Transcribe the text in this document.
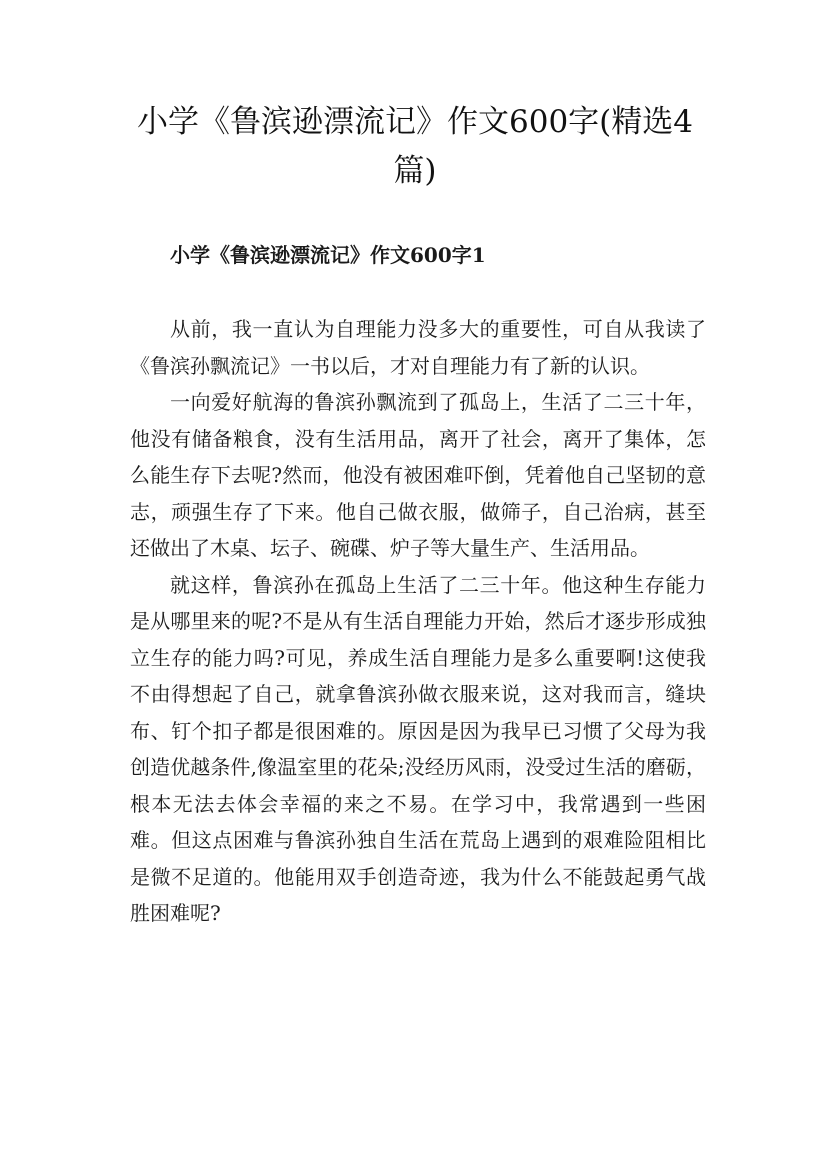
小学《鲁滨逊漂流记》作文600字(精选4篇)
小学《鲁滨逊漂流记》作文600字1

从前，我一直认为自理能力没多大的重要性，可自从我读了《鲁滨孙飘流记》一书以后，才对自理能力有了新的认识。

一向爱好航海的鲁滨孙飘流到了孤岛上，生活了二三十年，他没有储备粮食，没有生活用品，离开了社会，离开了集体，怎么能生存下去呢?然而，他没有被困难吓倒，凭着他自己坚韧的意志，顽强生存了下来。他自己做衣服，做筛子，自己治病，甚至还做出了木桌、坛子、碗碟、炉子等大量生产、生活用品。

就这样，鲁滨孙在孤岛上生活了二三十年。他这种生存能力是从哪里来的呢?不是从有生活自理能力开始，然后才逐步形成独立生存的能力吗?可见，养成生活自理能力是多么重要啊!这使我不由得想起了自己，就拿鲁滨孙做衣服来说，这对我而言，缝块布、钉个扣子都是很困难的。原因是因为我早已习惯了父母为我创造优越条件,像温室里的花朵;没经历风雨，没受过生活的磨砺，根本无法去体会幸福的来之不易。在学习中，我常遇到一些困难。但这点困难与鲁滨孙独自生活在荒岛上遇到的艰难险阻相比是微不足道的。他能用双手创造奇迹，我为什么不能鼓起勇气战胜困难呢?
